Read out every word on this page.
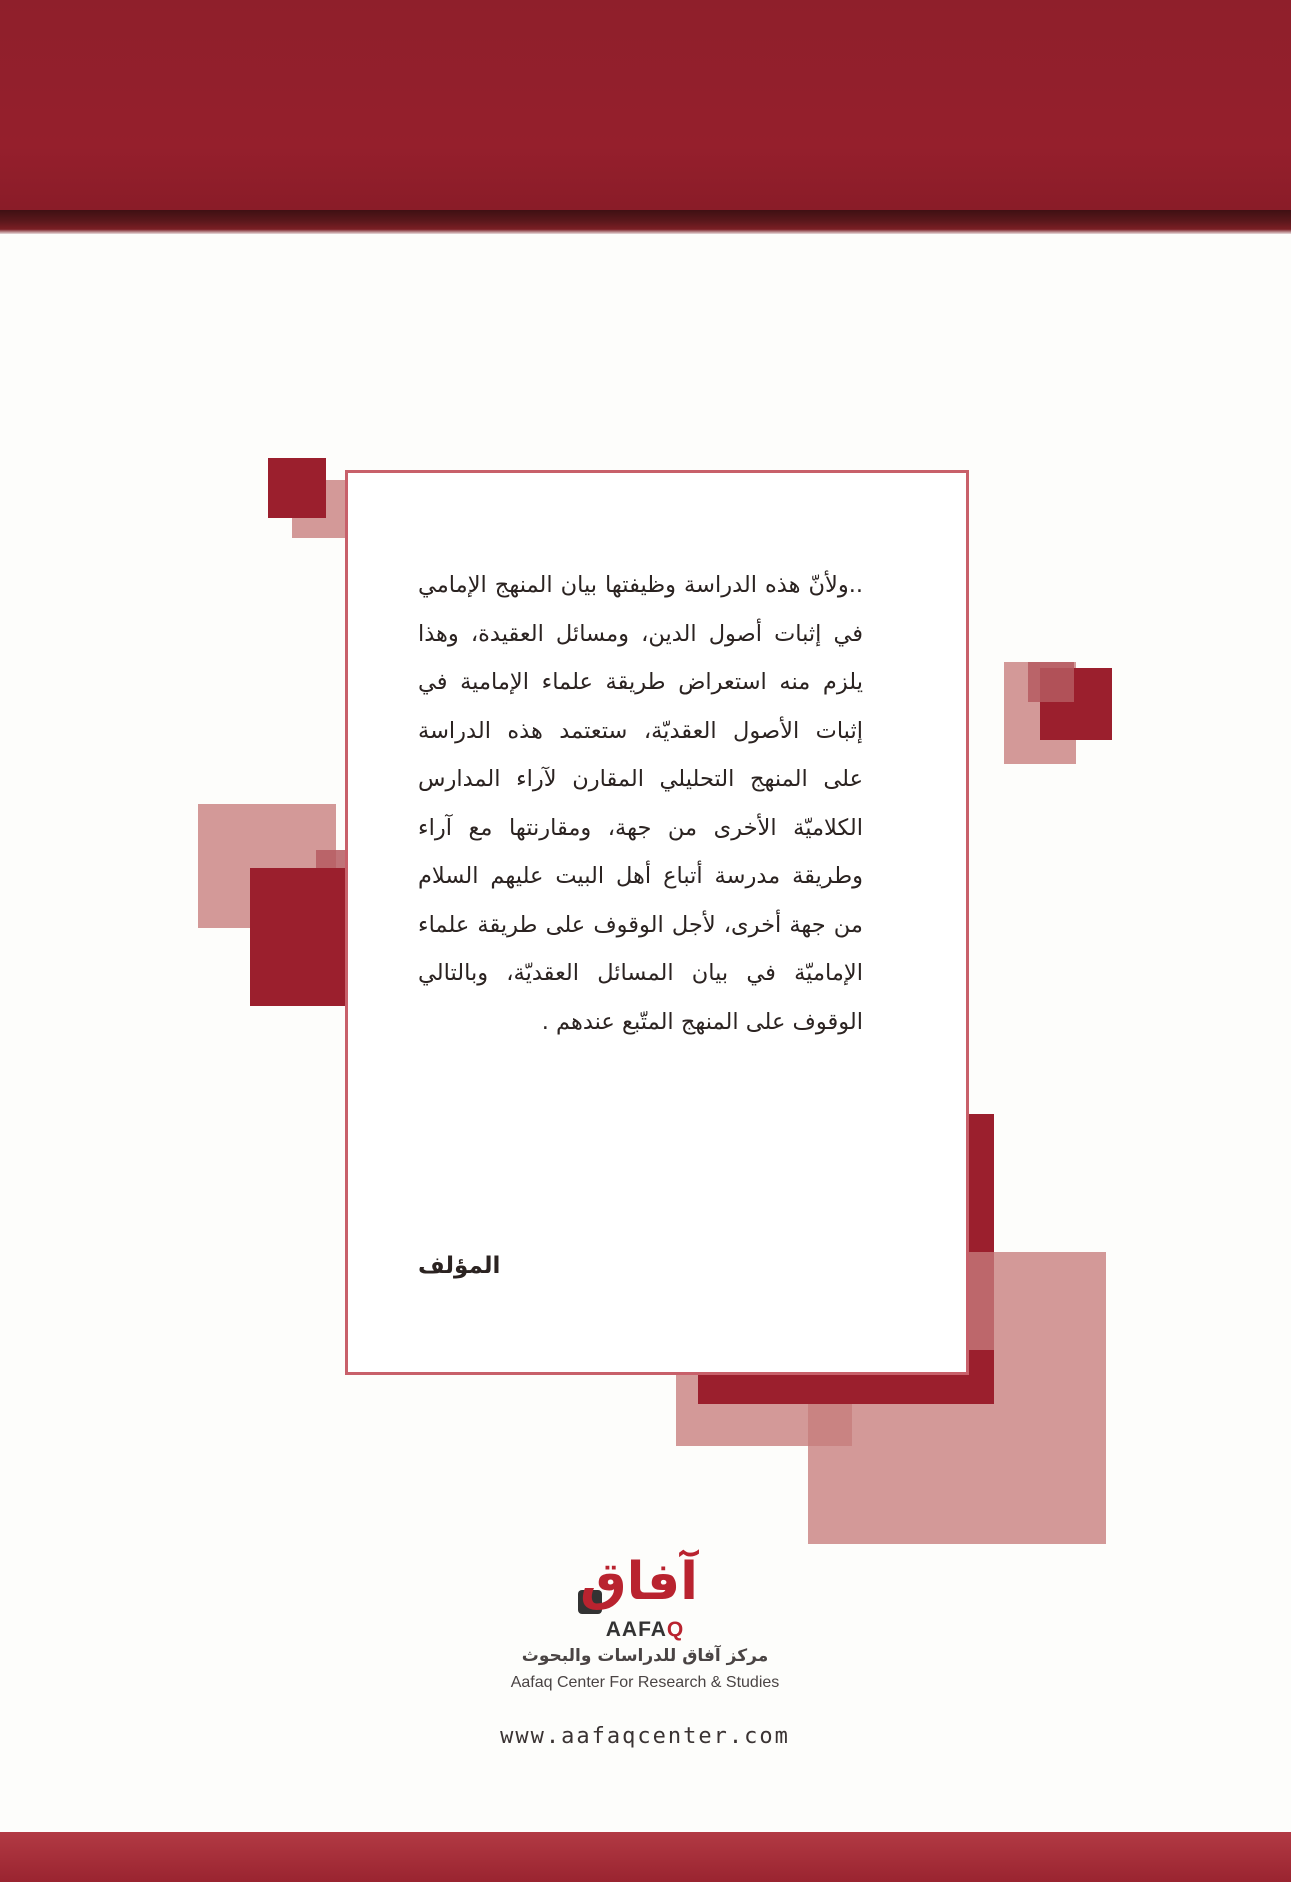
..ولأنّ هذه الدراسة وظيفتها بيان المنهج الإمامي في إثبات أصول الدين، ومسائل العقيدة، وهذا يلزم منه استعراض طريقة علماء الإمامية في إثبات الأصول العقديّة، ستعتمد هذه الدراسة على المنهج التحليلي المقارن لآراء المدارس الكلاميّة الأخرى من جهة، ومقارنتها مع آراء وطريقة مدرسة أتباع أهل البيت عليهم السلام من جهة أخرى، لأجل الوقوف على طريقة علماء الإماميّة في بيان المسائل العقديّة، وبالتالي الوقوف على المنهج المتّبع عندهم .
المؤلف
آفاق
AAFAQ
مركز آفاق للدراسات والبحوث
Aafaq Center For Research & Studies
www.aafaqcenter.com
